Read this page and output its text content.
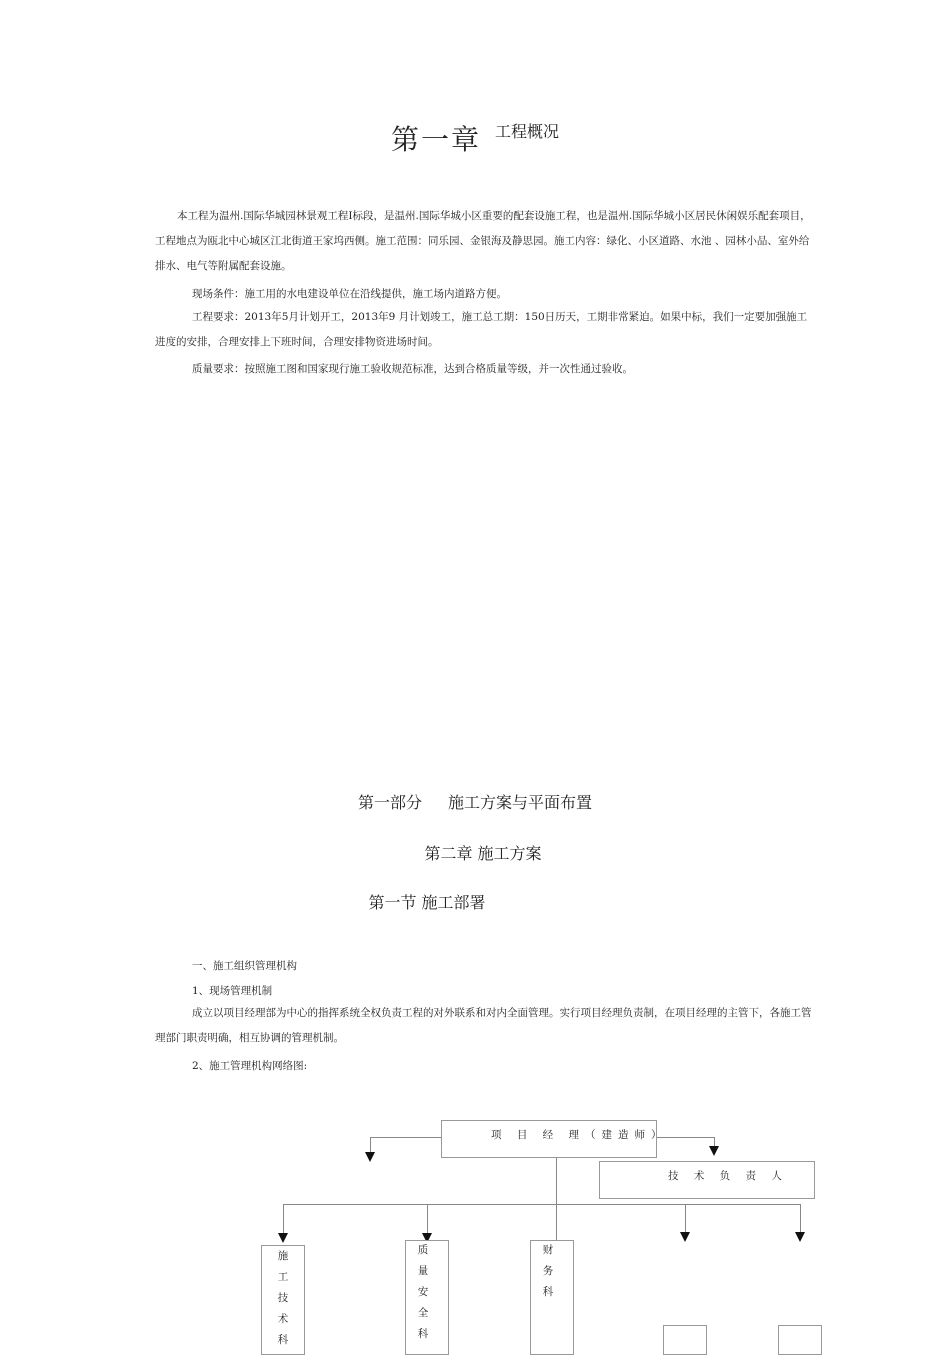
第一章 工程概况
本工程为温州.国际华城园林景观工程I标段，是温州.国际华城小区重要的配套设施工程，也是温州.国际华城小区居民休闲娱乐配套项目，工程地点为瓯北中心城区江北街道王家坞西侧。施工范围：同乐园、金银海及静思园。施工内容：绿化、小区道路、水池 、园林小品、室外给排水、电气等附属配套设施。
现场条件：施工用的水电建设单位在沿线提供，施工场内道路方便。
工程要求：2013年5月计划开工，2013年9 月计划竣工，施工总工期：150日历天，工期非常紧迫。如果中标，我们一定要加强施工进度的安排，合理安排上下班时间，合理安排物资进场时间。
质量要求：按照施工图和国家现行施工验收规范标准，达到合格质量等级，并一次性通过验收。
第一部分 施工方案与平面布置
第二章 施工方案
第一节 施工部署
一、施工组织管理机构
1、现场管理机制
成立以项目经理部为中心的指挥系统全权负责工程的对外联系和对内全面管理。实行项目经理负责制，在项目经理的主管下，各施工管理部门职责明确，相互协调的管理机制。
2、施工管理机构网络图:
项 目 经 理（建造师）
技 术 负 责 人
施
工
技
术
科
质
量
安
全
科
财
务
科
